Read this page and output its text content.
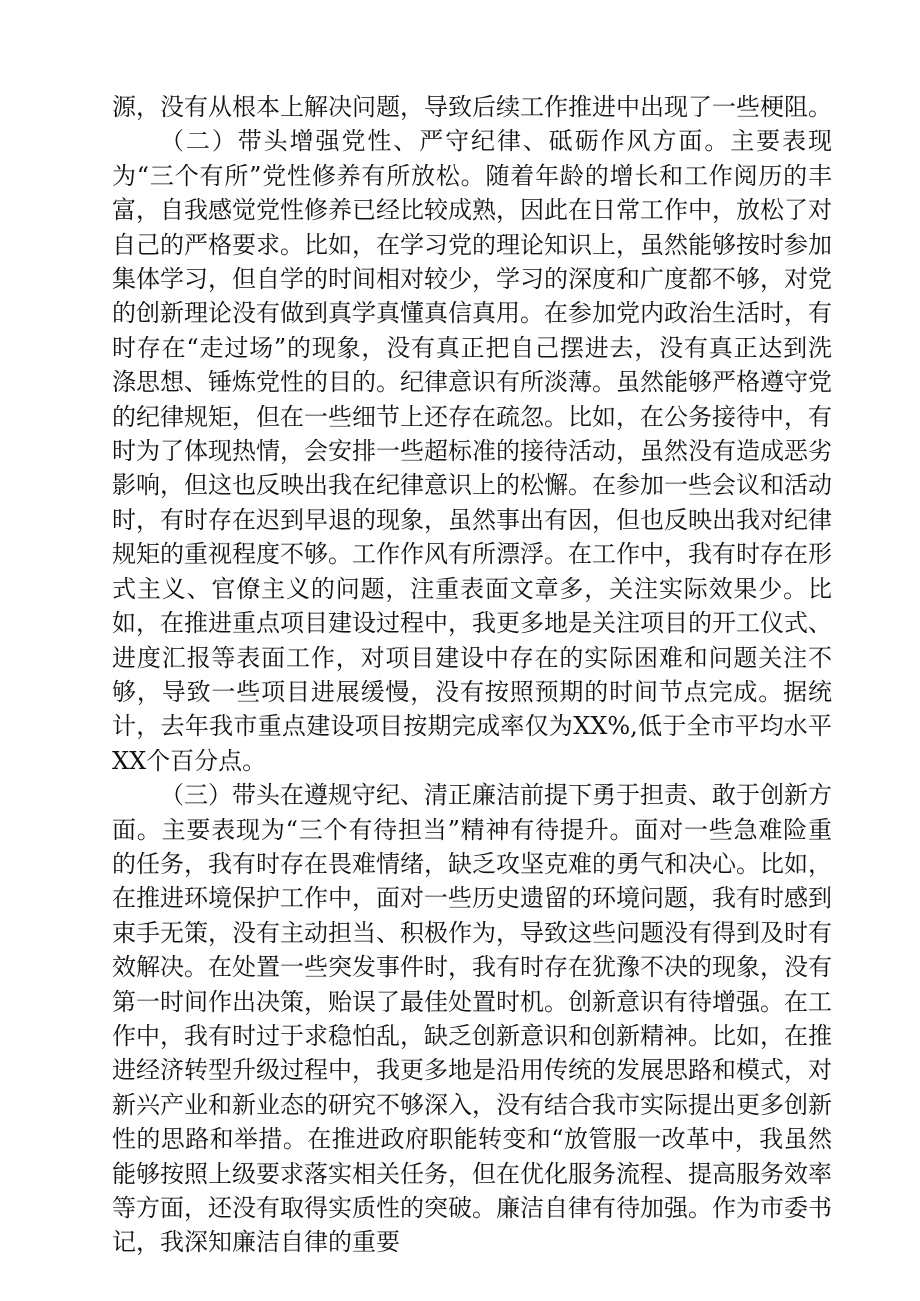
源，没有从根本上解决问题，导致后续工作推进中出现了一些梗阻。

（二）带头增强党性、严守纪律、砥砺作风方面。主要表现为“三个有所”党性修养有所放松。随着年龄的增长和工作阅历的丰富，自我感觉党性修养已经比较成熟，因此在日常工作中，放松了对自己的严格要求。比如，在学习党的理论知识上，虽然能够按时参加集体学习，但自学的时间相对较少，学习的深度和广度都不够，对党的创新理论没有做到真学真懂真信真用。在参加党内政治生活时，有时存在“走过场”的现象，没有真正把自己摆进去，没有真正达到洗涤思想、锤炼党性的目的。纪律意识有所淡薄。虽然能够严格遵守党的纪律规矩，但在一些细节上还存在疏忽。比如，在公务接待中，有时为了体现热情，会安排一些超标准的接待活动，虽然没有造成恶劣影响，但这也反映出我在纪律意识上的松懈。在参加一些会议和活动时，有时存在迟到早退的现象，虽然事出有因，但也反映出我对纪律规矩的重视程度不够。工作作风有所漂浮。在工作中，我有时存在形式主义、官僚主义的问题，注重表面文章多，关注实际效果少。比如，在推进重点项目建设过程中，我更多地是关注项目的开工仪式、进度汇报等表面工作，对项目建设中存在的实际困难和问题关注不够，导致一些项目进展缓慢，没有按照预期的时间节点完成。据统计，去年我市重点建设项目按期完成率仅为XX%,低于全市平均水平XX个百分点。

（三）带头在遵规守纪、清正廉洁前提下勇于担责、敢于创新方面。主要表现为“三个有待担当”精神有待提升。面对一些急难险重的任务，我有时存在畏难情绪，缺乏攻坚克难的勇气和决心。比如，在推进环境保护工作中，面对一些历史遗留的环境问题，我有时感到束手无策，没有主动担当、积极作为，导致这些问题没有得到及时有效解决。在处置一些突发事件时，我有时存在犹豫不决的现象，没有第一时间作出决策，贻误了最佳处置时机。创新意识有待增强。在工作中，我有时过于求稳怕乱，缺乏创新意识和创新精神。比如，在推进经济转型升级过程中，我更多地是沿用传统的发展思路和模式，对新兴产业和新业态的研究不够深入，没有结合我市实际提出更多创新性的思路和举措。在推进政府职能转变和“放管服一改革中，我虽然能够按照上级要求落实相关任务，但在优化服务流程、提高服务效率等方面，还没有取得实质性的突破。廉洁自律有待加强。作为市委书记，我深知廉洁自律的重要
